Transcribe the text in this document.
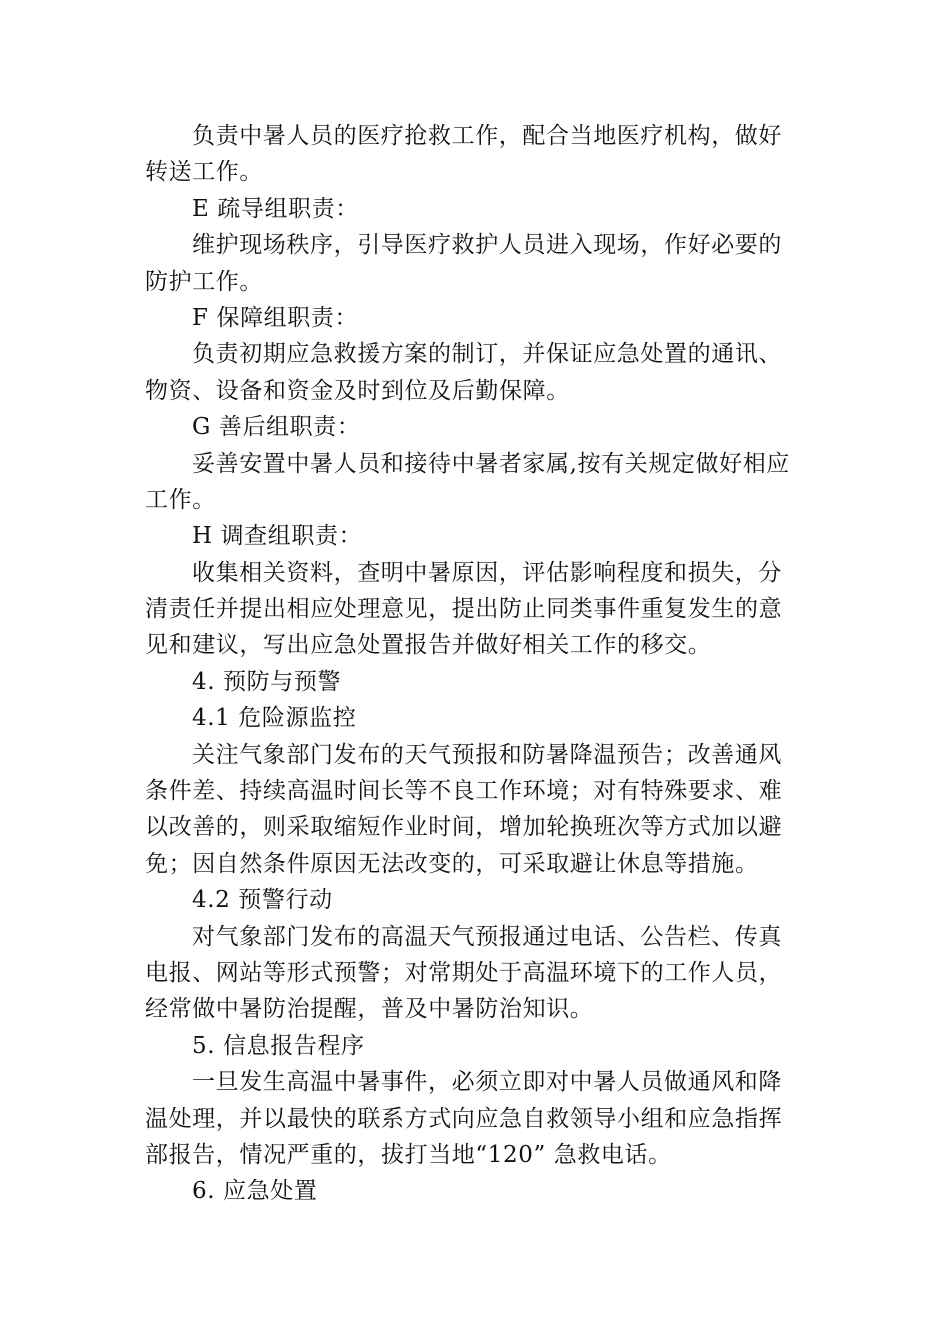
负责中暑人员的医疗抢救工作，配合当地医疗机构，做好

转送工作。

E 疏导组职责：

维护现场秩序，引导医疗救护人员进入现场，作好必要的

防护工作。

F 保障组职责：

负责初期应急救援方案的制订，并保证应急处置的通讯、

物资、设备和资金及时到位及后勤保障。

G 善后组职责：

妥善安置中暑人员和接待中暑者家属,按有关规定做好相应

工作。

H 调查组职责：

收集相关资料，查明中暑原因，评估影响程度和损失，分

清责任并提出相应处理意见，提出防止同类事件重复发生的意

见和建议，写出应急处置报告并做好相关工作的移交。

4. 预防与预警

4.1 危险源监控

关注气象部门发布的天气预报和防暑降温预告；改善通风

条件差、持续高温时间长等不良工作环境；对有特殊要求、难

以改善的，则采取缩短作业时间，增加轮换班次等方式加以避

免；因自然条件原因无法改变的，可采取避让休息等措施。

4.2 预警行动

对气象部门发布的高温天气预报通过电话、公告栏、传真

电报、网站等形式预警；对常期处于高温环境下的工作人员，

经常做中暑防治提醒，普及中暑防治知识。

5. 信息报告程序

一旦发生高温中暑事件，必须立即对中暑人员做通风和降

温处理，并以最快的联系方式向应急自救领导小组和应急指挥

部报告，情况严重的，拔打当地“120” 急救电话。

6. 应急处置
